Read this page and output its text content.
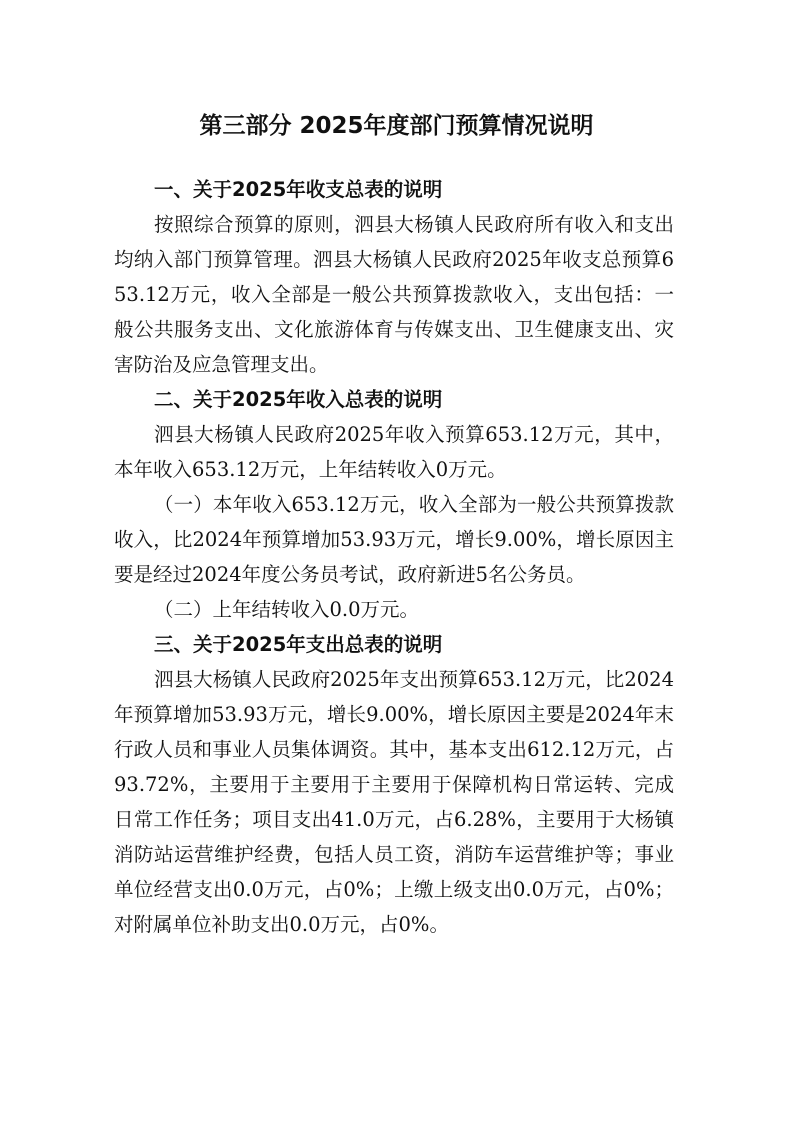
第三部分 2025年度部门预算情况说明

一、关于2025年收支总表的说明

按照综合预算的原则，泗县大杨镇人民政府所有收入和支出均纳入部门预算管理。泗县大杨镇人民政府2025年收支总预算653.12万元，收入全部是一般公共预算拨款收入，支出包括：一般公共服务支出、文化旅游体育与传媒支出、卫生健康支出、灾害防治及应急管理支出。

二、关于2025年收入总表的说明

泗县大杨镇人民政府2025年收入预算653.12万元，其中，本年收入653.12万元，上年结转收入0万元。

（一）本年收入653.12万元，收入全部为一般公共预算拨款收入，比2024年预算增加53.93万元，增长9.00%，增长原因主要是经过2024年度公务员考试，政府新进5名公务员。

（二）上年结转收入0.0万元。

三、关于2025年支出总表的说明

泗县大杨镇人民政府2025年支出预算653.12万元，比2024年预算增加53.93万元，增长9.00%，增长原因主要是2024年末行政人员和事业人员集体调资。其中，基本支出612.12万元，占93.72%，主要用于主要用于主要用于保障机构日常运转、完成日常工作任务；项目支出41.0万元，占6.28%，主要用于大杨镇消防站运营维护经费，包括人员工资，消防车运营维护等；事业单位经营支出0.0万元，占0%；上缴上级支出0.0万元，占0%；对附属单位补助支出0.0万元，占0%。
